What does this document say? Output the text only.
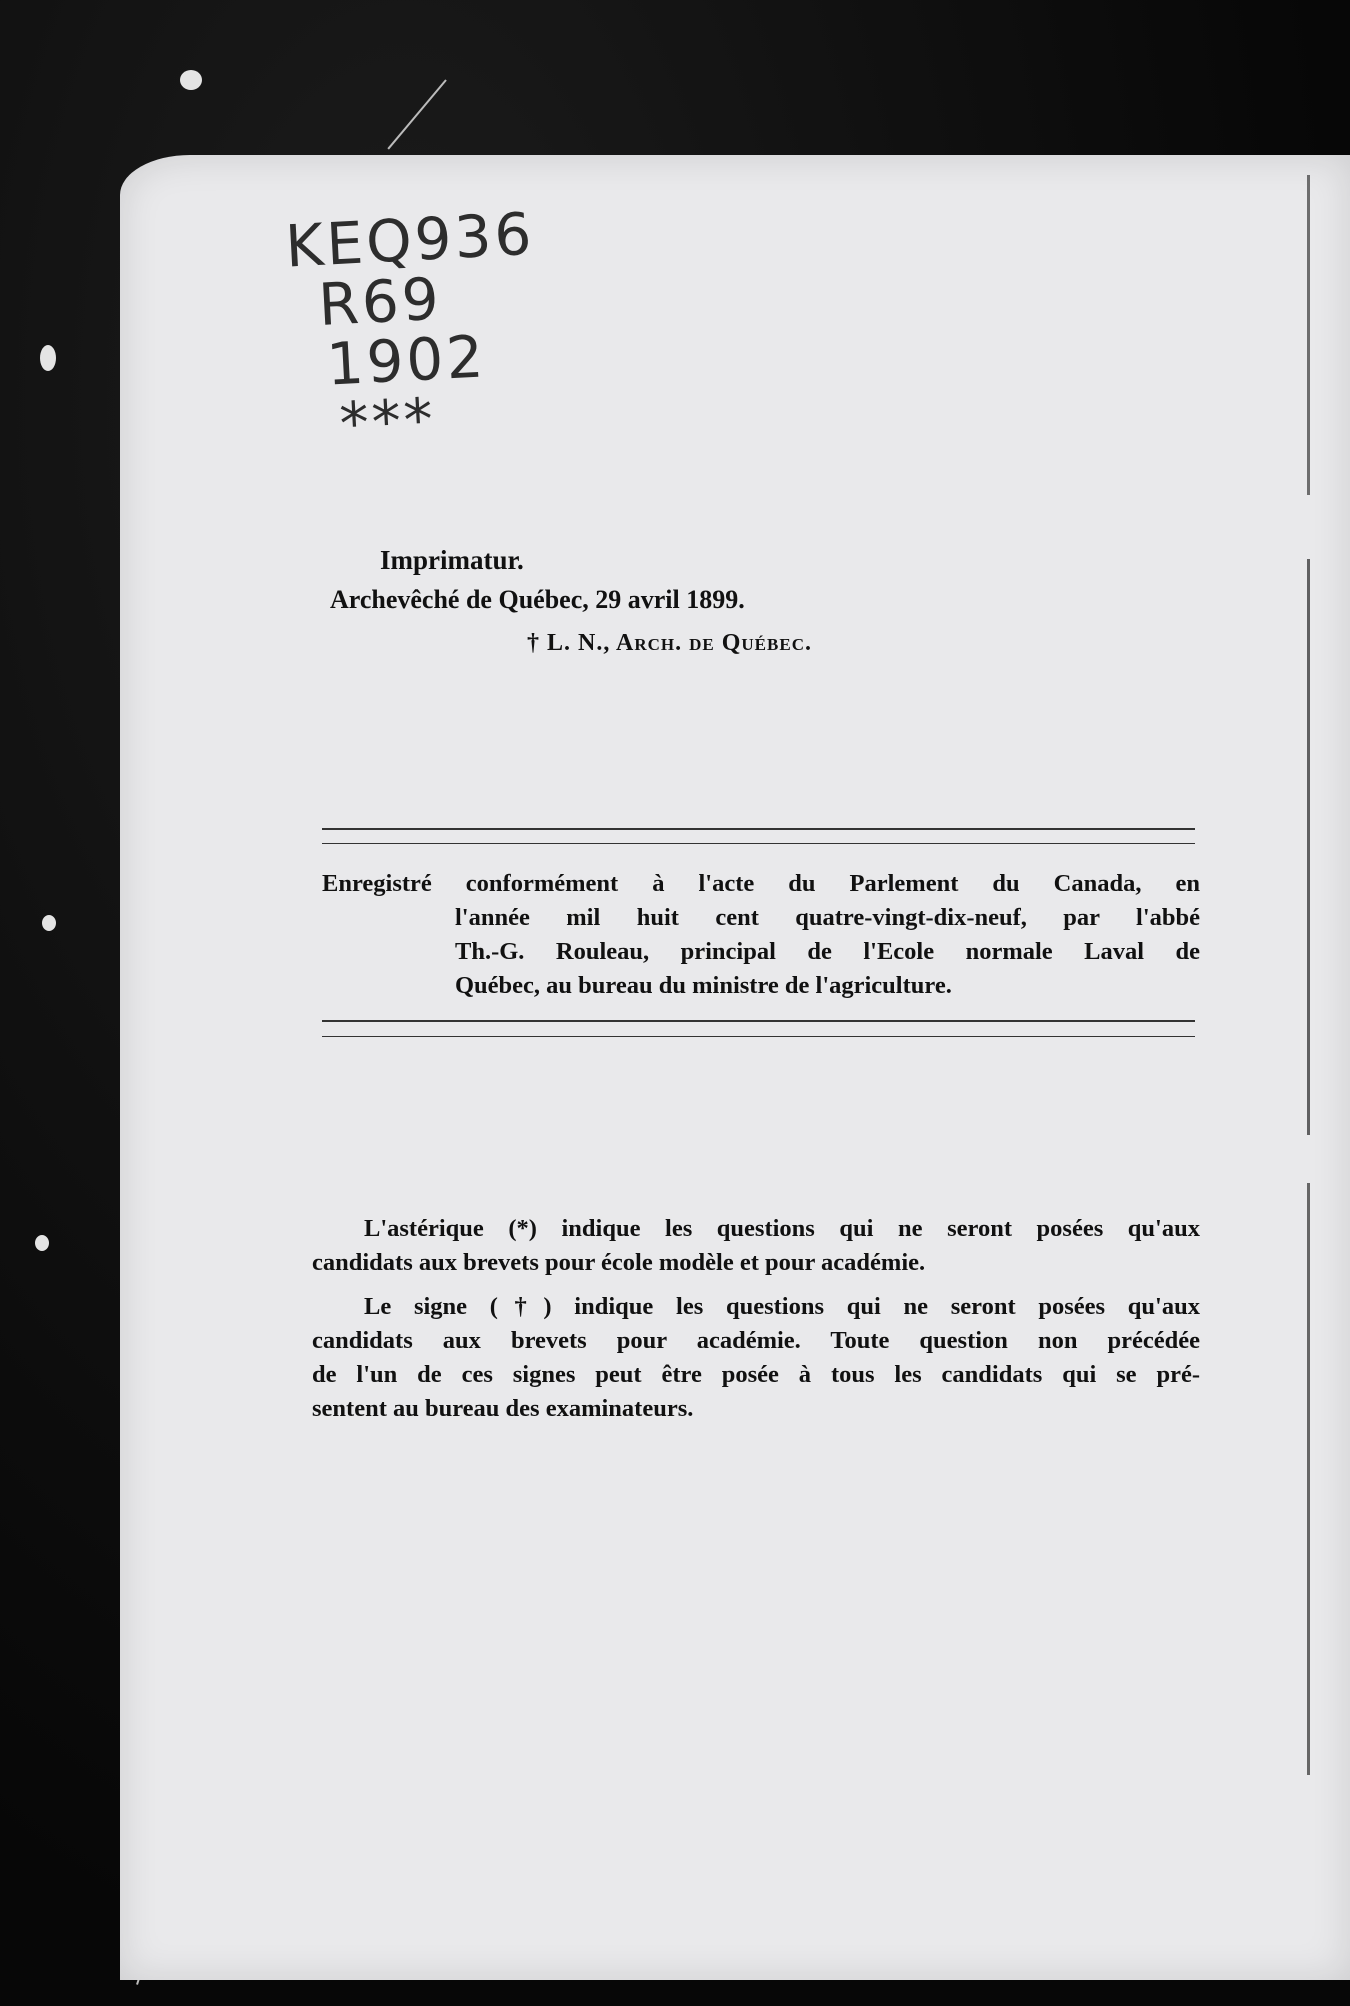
KEQ936
R69
1902
***
Imprimatur.
Archevêché de Québec, 29 avril 1899.
† L. N., Arch. de Québec.
Enregistré conformément à l'acte du Parlement du Canada, en
l'année mil huit cent quatre-vingt-dix-neuf, par l'abbé
Th.-G. Rouleau, principal de l'Ecole normale Laval de
Québec, au bureau du ministre de l'agriculture.
L'astérique (*) indique les questions qui ne seront posées qu'aux
candidats aux brevets pour école modèle et pour académie.
Le signe (†) indique les questions qui ne seront posées qu'aux
candidats aux brevets pour académie. Toute question non précédée
de l'un de ces signes peut être posée à tous les candidats qui se pré-
sentent au bureau des examinateurs.
